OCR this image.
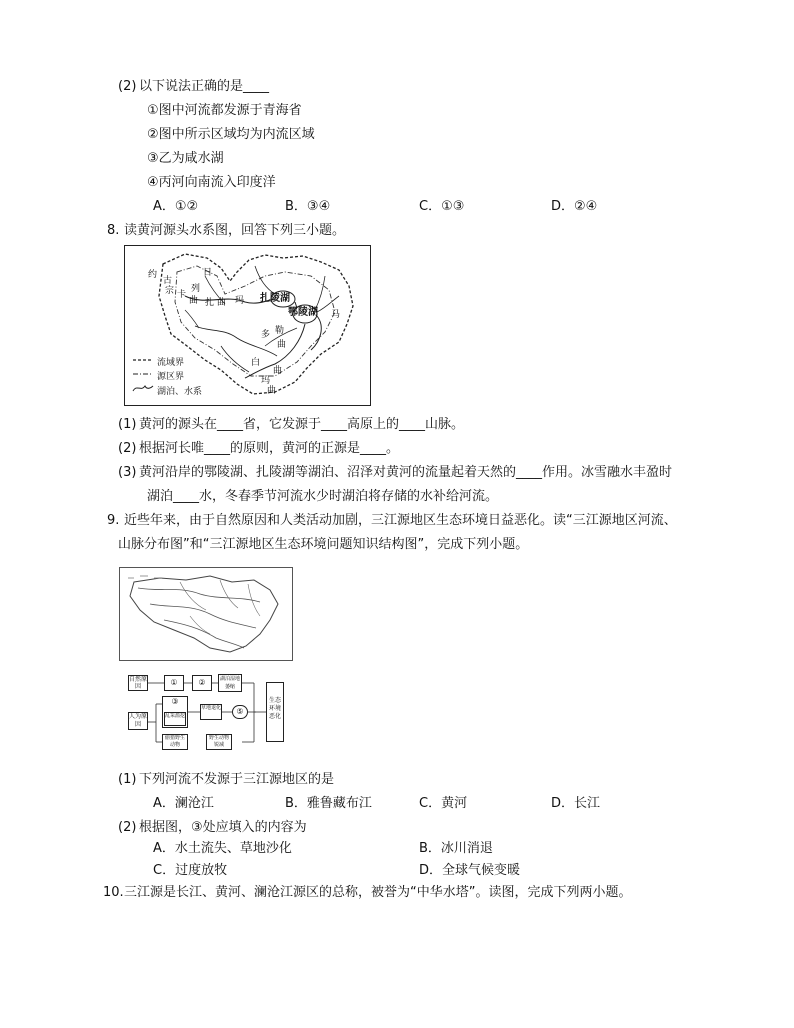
(2) 以下说法正确的是____
①图中河流都发源于青海省
②图中所示区域均为内流区域
③乙为咸水湖
④丙河向南流入印度洋
A．①②	B．③④	C．①③	D．②④
8. 读黄河源头水系图，回答下列三小题。
扎陵湖
鄂陵湖
约
古
宗 卡
日
列
曲 扎 曲 玛
多 勒
曲
白
马
曲
玛
曲
流域界
源区界
湖泊、水系
(1) 黄河的源头在____省，它发源于____高原上的____山脉。
(2) 根据河长唯____的原则，黄河的正源是____。
(3) 黄河沿岸的鄂陵湖、扎陵湖等湖泊、沼泽对黄河的流量起着天然的____作用。冰雪融水丰盈时
湖泊____水，冬春季节河流水少时湖泊将存储的水补给河流。
9. 近些年来，由于自然原因和人类活动加剧，三江源地区生态环境日益恶化。读“三江源地区河流、
山脉分布图”和“三江源地区生态环境问题知识结构图”，完成下列小题。
自然原因
人为原因
①	②	湖泊湿地萎缩
③
乱采滥挖
草地退化	⑤
偷猎野生动物
野生动物锐减
生态环境恶化
(1) 下列河流不发源于三江源地区的是
A．澜沧江	B．雅鲁藏布江	C．黄河	D．长江
(2) 根据图，③处应填入的内容为
A．水土流失、草地沙化	B．冰川消退
C．过度放牧	D．全球气候变暖
10. 三江源是长江、黄河、澜沧江源区的总称，被誉为“中华水塔”。读图，完成下列两小题。
